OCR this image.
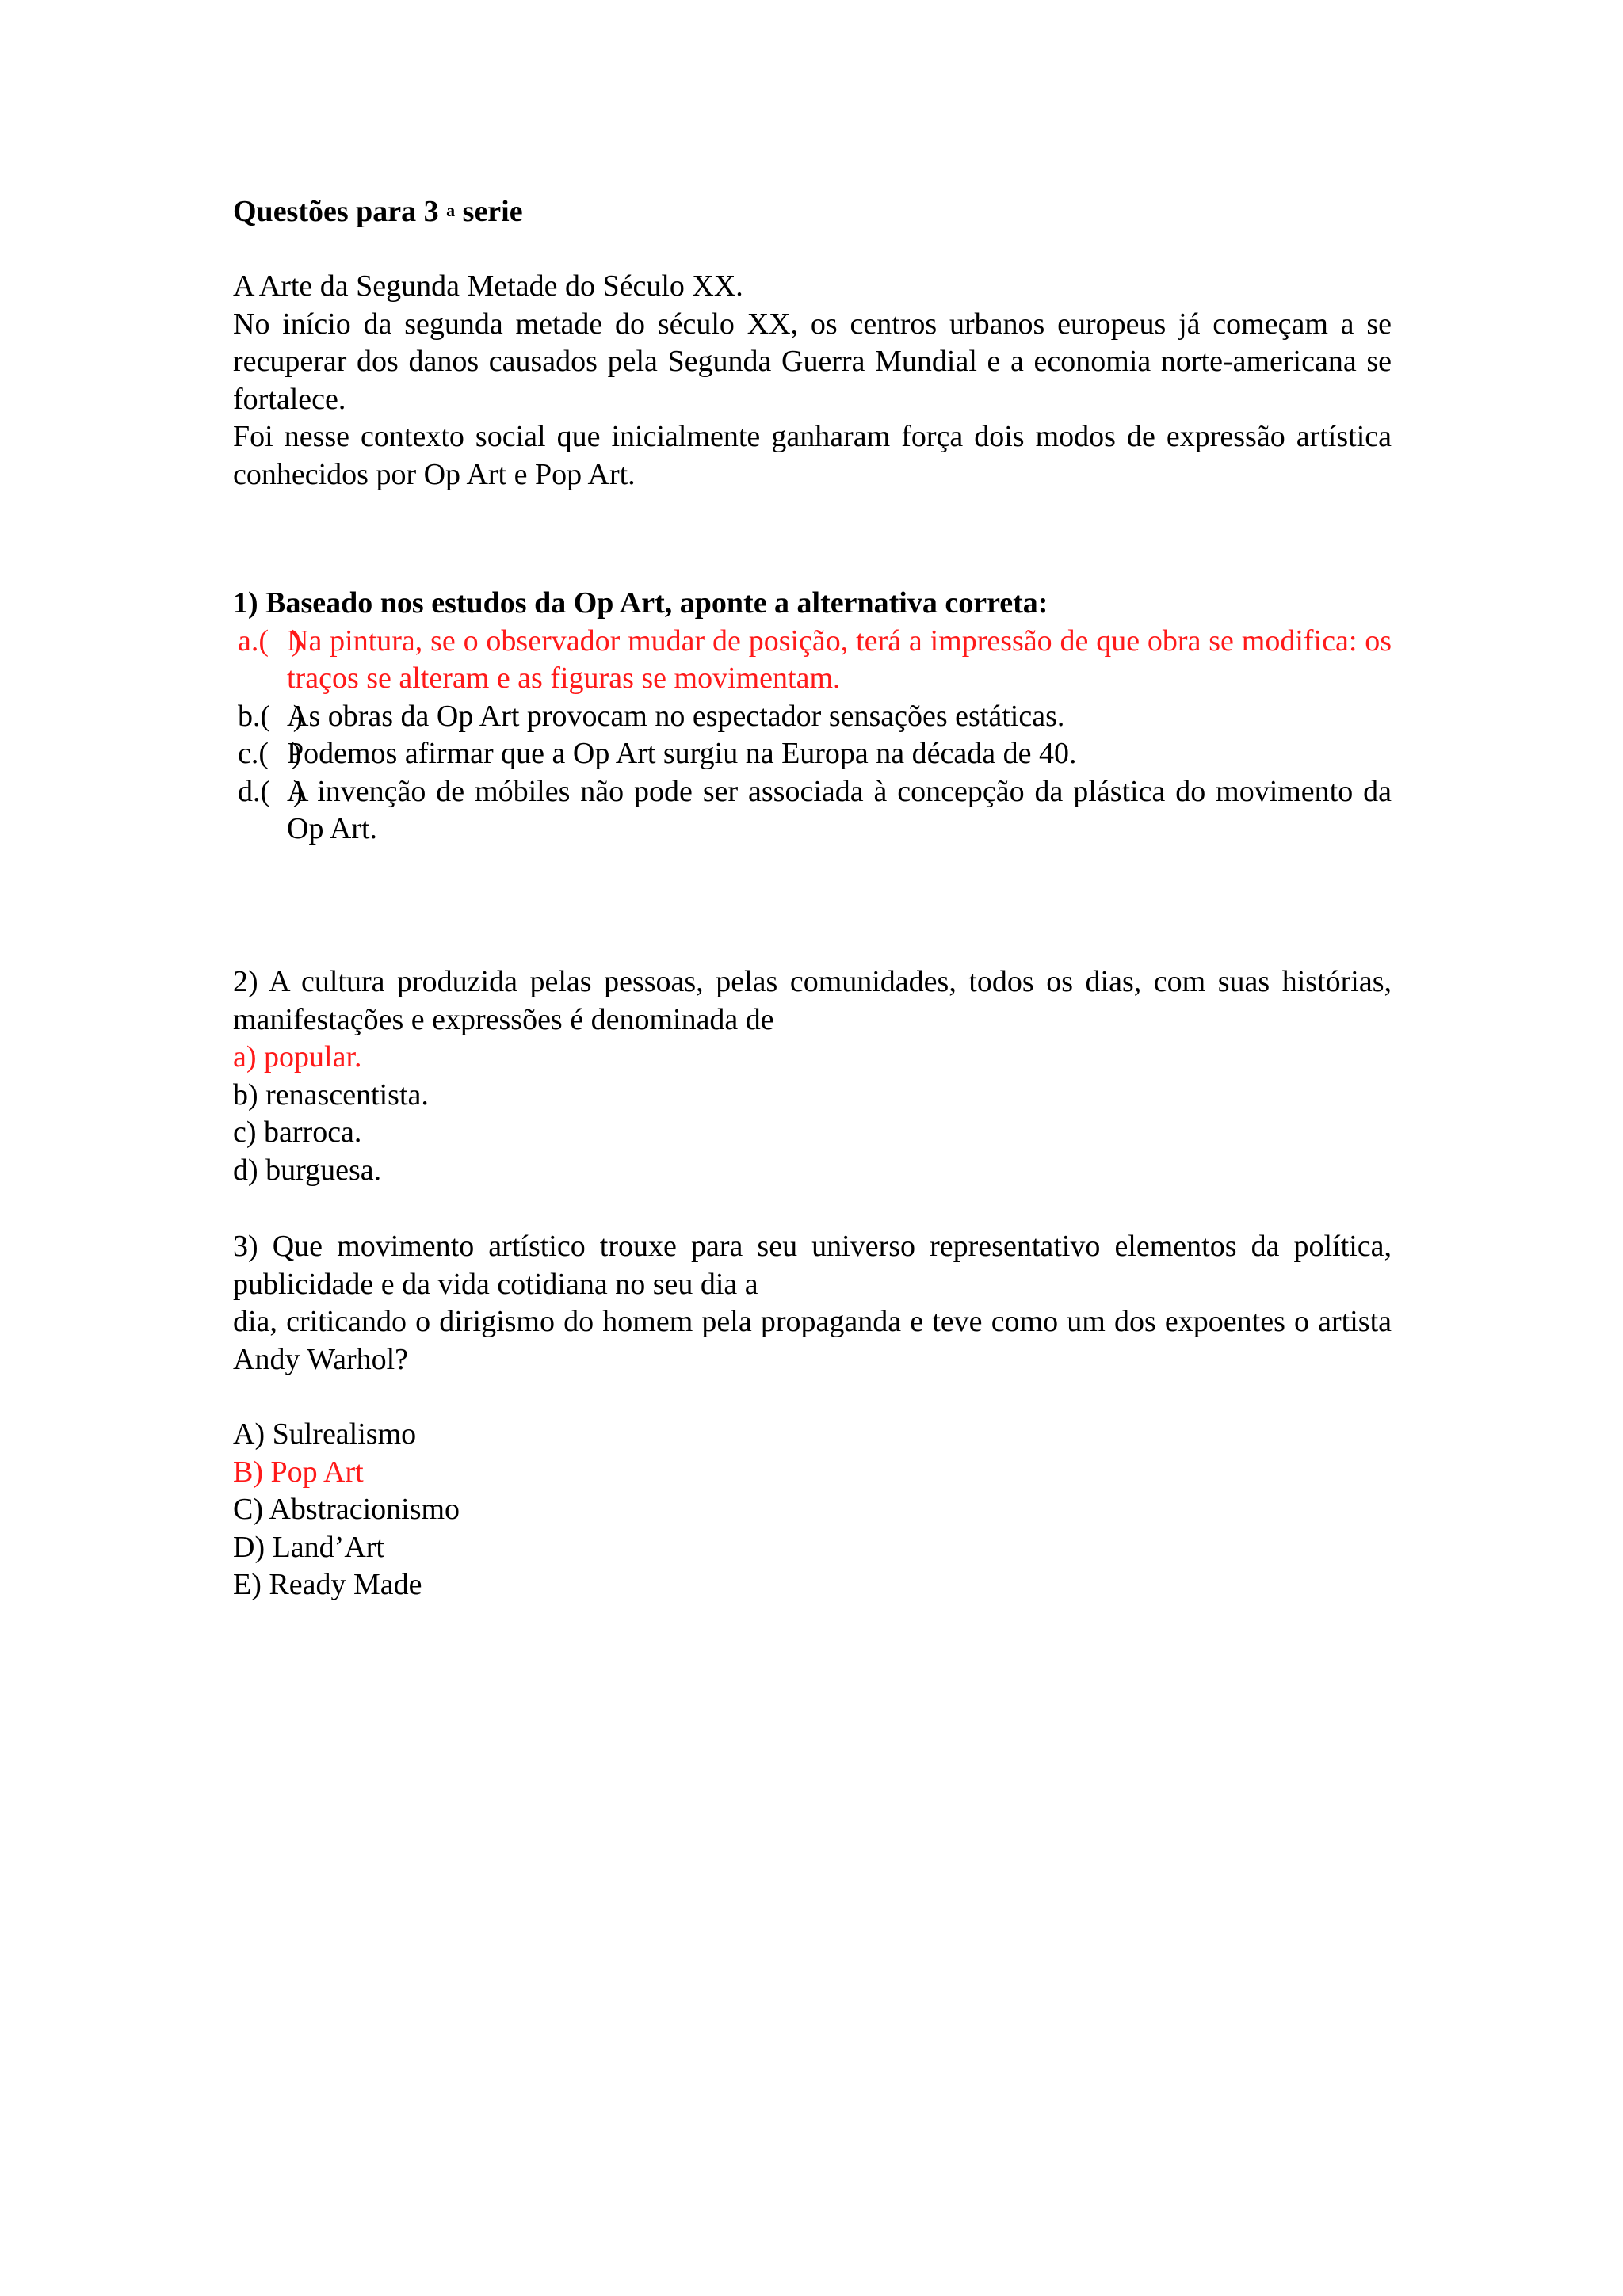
Questões para 3 $^a$ serie
A Arte da Segunda Metade do Século XX.
No início da segunda metade do século XX, os centros urbanos europeus já começam a se recuperar dos danos causados pela Segunda Guerra Mundial e a economia norte-americana se fortalece.
Foi nesse contexto social que inicialmente ganharam força dois modos de expressão artística conhecidos por Op Art e Pop Art.
1) Baseado nos estudos da Op Art, aponte a alternativa correta:
a.(   )
Na pintura, se o observador mudar de posição, terá a impressão de que obra se modifica: os traços se alteram e as figuras se movimentam.
b.(   )
As obras da Op Art provocam no espectador sensações estáticas.
c.(   )
Podemos afirmar que a Op Art surgiu na Europa na década de 40.
d.(   )
A invenção de móbiles não pode ser associada à concepção da plástica do movimento da Op Art.
2) A cultura produzida pelas pessoas, pelas comunidades, todos os dias, com suas histórias, manifestações e expressões é denominada de
a) popular.
b) renascentista.
c) barroca.
d) burguesa.
3) Que movimento artístico trouxe para seu universo representativo elementos da política, publicidade e da vida cotidiana no seu dia a
dia, criticando o dirigismo do homem pela propaganda e teve como um dos expoentes o artista Andy Warhol?
A) Sulrealismo
B) Pop Art
C) Abstracionismo
D) Land’Art
E) Ready Made
